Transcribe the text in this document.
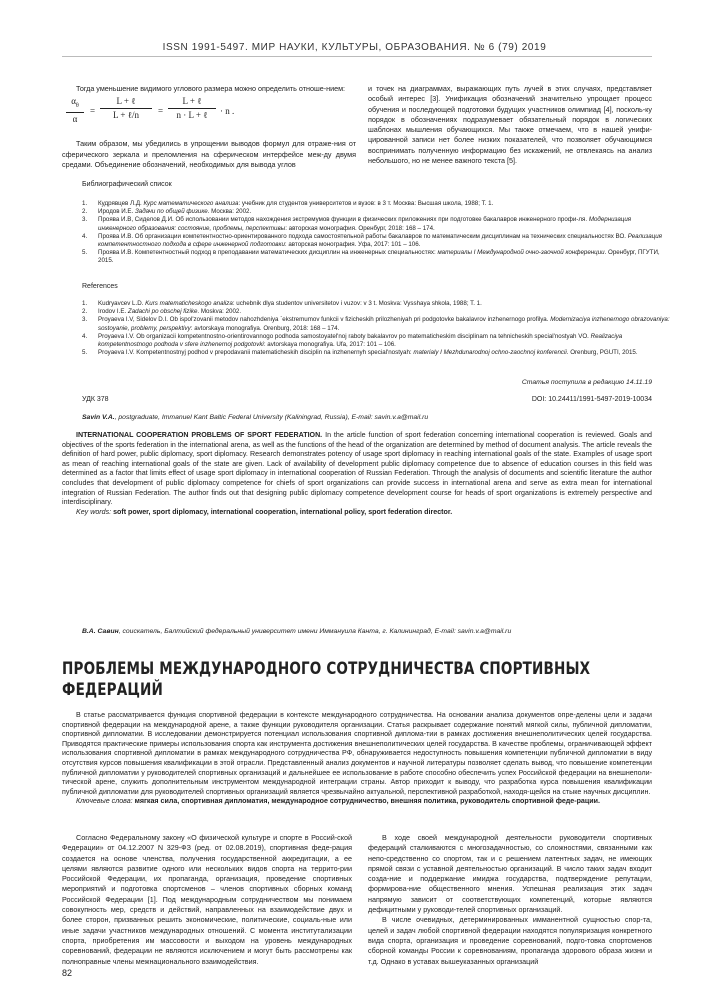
ISSN 1991-5497. МИР НАУКИ, КУЛЬТУРЫ, ОБРАЗОВАНИЯ. № 6 (79) 2019

Тогда уменьшение видимого углового размера можно определить отноше-нием:

$\alpha_\theta$
α
=
L + ℓ
L + ℓ/n	=
L + ℓ
n · L + ℓ	· n .

Таким образом, мы убедились в упрощении выводов формул для отраже-ния от сферического зеркала и преломления на сферическом интерфейсе меж-ду двумя средами. Объединение обозначений, необходимых для вывода углов

и точек на диаграммах, выражающих путь лучей в этих случаях, представляет особый интерес [3]. Унификация обозначений значительно упрощает процесс обучения и последующей подготовки будущих участников олимпиад [4], посколь-ку порядок в обозначениях подразумевает обязательный порядок в логических шаблонах мышления обучающихся. Мы также отмечаем, что в нашей унифи-цированной записи нет более низких показателей, что позволяет обучающимся воспринимать полученную информацию без искажений, не отвлекаясь на анализ небольшого, но не менее важного текста [5].

Библиографический список
1.	Кудрявцев Л.Д. Курс математического анализа: учебник для студентов университетов и вузов: в 3 т. Москва: Высшая школа, 1988; Т. 1.
2.	Иродов И.Е. Задачи по общей физике. Москва: 2002.
3.	Проява И.В, Сиделов Д.И. Об использовании методов нахождения экстремумов функции в физических приложениях при подготовке бакалавров инженерного профи-ля. Модернизация инженерного образования: состояние, проблемы, перспективы: авторская монография. Оренбург, 2018: 168 – 174.
4.	Проява И.В. Об организации компетентностно-ориентированного подхода самостоятельной работы бакалавров по математическим дисциплинам на технических специальностях ВО. Реализация компетентностного подхода в сфере инженерной подготовки: авторская монография. Уфа, 2017: 101 – 106.
5.	Проява И.В. Компетентностный подход в преподавании математических дисциплин на инженерных специальностях: материалы I Международной очно-заочной конференции. Оренбург, ПГУТИ, 2015.
References
1.	Kudryavcev L.D. Kurs matematicheskogo analiza: uchebnik dlya studentov universitetov i vuzov: v 3 t. Moskva: Vysshaya shkola, 1988; T. 1.
2.	Irodov I.E. Zadachi po obschej fizike. Moskva: 2002.
3.	Proyaeva I.V, Sidelov D.I. Ob ispol'zovanii metodov nahozhdeniya `ekstremumov funkcii v fizicheskih prilozheniyah pri podgotovke bakalavrov inzhenernogo profilya. Modernizaciya inzhenernogo obrazovaniya: sostoyanie, problemy, perspektivy: avtorskaya monografiya. Orenburg, 2018: 168 – 174.
4.	Proyaeva I.V. Ob organizacii kompetentnostno-orientirovannogo podhoda samostoyatel'noj raboty bakalavrov po matematicheskim disciplinam na tehnicheskih special'nostyah VO. Realizaciya kompetentnostnogo podhoda v sfere inzhenernoj podgotovki: avtorskaya monografiya. Ufa, 2017: 101 – 106.
5.	Proyaeva I.V. Kompetentnostnyj podhod v prepodavanii matematicheskih disciplin na inzhenernyh special'nostyah: materialy I Mezhdunarodnoj ochno-zaochnoj konferencii. Orenburg, PGUTI, 2015.
Статья поступила в редакцию 14.11.19
УДК 378	DOI: 10.24411/1991-5497-2019-10034
Savin V.A., postgraduate, Immanuel Kant Baltic Federal University (Kaliningrad, Russia), E-mail: savin.v.a@mail.ru
INTERNATIONAL COOPERATION PROBLEMS OF SPORT FEDERATION. In the article function of sport federation concerning international cooperation is reviewed. Goals and objectives of the sports federation in the international arena, as well as the functions of the head of the organization are determined by method of document analysis. The article reveals the definition of hard power, public diplomacy, sport diplomacy. Research demonstrates potency of usage sport diplomacy in reaching international goals of the state. Examples of usage sport as mean of reaching international goals of the state are given. Lack of availability of development public diplomacy competence due to absence of education courses in this field was determined as a factor that limits effect of usage sport diplomacy in international cooperation of Russian Federation. Through the analysis of documents and scientific literature the author concludes that development of public diplomacy competence for chiefs of sport organizations can provide success in international arena and serve as extra mean for international integration of Russian Federation. The author finds out that designing public diplomacy competence development course for heads of sport organizations is extremely perspective and interdisciplinary.
Key words: soft power, sport diplomacy, international cooperation, international policy, sport federation director.
В.А. Савин, соискатель, Балтийский федеральный университет имени Иммануила Канта, г. Калининград, E-mail: savin.v.a@mail.ru
ПРОБЛЕМЫ МЕЖДУНАРОДНОГО СОТРУДНИЧЕСТВА СПОРТИВНЫХ ФЕДЕРАЦИЙ

В статье рассматривается функция спортивной федерации в контексте международного сотрудничества. На основании анализа документов опре-делены цели и задачи спортивной федерации на международной арене, а также функции руководителя организации. Статья раскрывает содержание понятий мягкой силы, публичной дипломатии, спортивной дипломатии. В исследовании демонстрируется потенциал использования спортивной диплома-тии в рамках достижения внешнеполитических целей государства. Приводятся практические примеры использования спорта как инструмента достижения внешнеполитических целей государства. В качестве проблемы, ограничивающей эффект использования спортивной дипломатии в рамках международного сотрудничества РФ, обнаруживается недоступность повышения компетенции публичной дипломатии в виду отсутствия курсов повышения квалификации в этой отрасли. Представленный анализ документов и научной литературы позволяет сделать вывод, что повышение компетенции публичной дипломатии у руководителей спортивных организаций и дальнейшее ее использование в работе способно обеспечить успех Российской федерации на внешнепoли-тической арене, служить дополнительным инструментом международной интеграции страны. Автор приходит к выводу, что разработка курса повышения квалификации публичной дипломатии для руководителей спортивных организаций является чрезвычайно актуальной, перспективной разработкой, находя-щейся на стыке научных дисциплин.

Ключевые слова: мягкая сила, спортивная дипломатия, международное сотрудничество, внешняя политика, руководитель спортивной феде-рации.

Согласно Федеральному закону «О физической культуре и спорте в Россий-ской Федерации» от 04.12.2007 N 329-ФЗ (ред. от 02.08.2019), спортивная феде-рация создается на основе членства, получения государственной аккредитации, а ее целями являются развитие одного или нескольких видов спорта на террито-рии Российской Федерации, их пропаганда, организация, проведение спортивных мероприятий и подготовка спортсменов – членов спортивных сборных команд Российской Федерации [1]. Под международным сотрудничеством мы понимаем совокупность мер, средств и действий, направленных на взаимодействие двух и более сторон, призванных решить экономические, политические, социаль-ные или иные задачи участников международных отношений. С момента институтализации спорта, приобретения им массовости и выходом на уровень международных соревнований, федерации не являются исключением и могут быть рассмотрены как полноправные члены межнационального взаимодействия.

В ходе своей международной деятельности руководители спортивных федераций сталкиваются с многозадачностью, со сложностями, связанными как непо-средственно со спортом, так и с решением латентных задач, не имеющих прямой связи с уставной деятельностью организаций. В число таких задач входит созда-ние и поддержание имиджа государства, подтверждение репутации, формирова-ние общественного мнения. Успешная реализация этих задач напрямую зависит от соответствующих компетенций, которые являются дефицитными у руководи-телей спортивных организаций.

В числе очевидных, детерминированных имманентной сущностью спор-та, целей и задач любой спортивной федерации находятся популяризация конкретного вида спорта, организация и проведение соревнований, подго-товка спортсменов сборной команды России к соревнованиям, пропаганда здорового образа жизни и т.д. Однако в уставах вышеуказанных организаций

82
